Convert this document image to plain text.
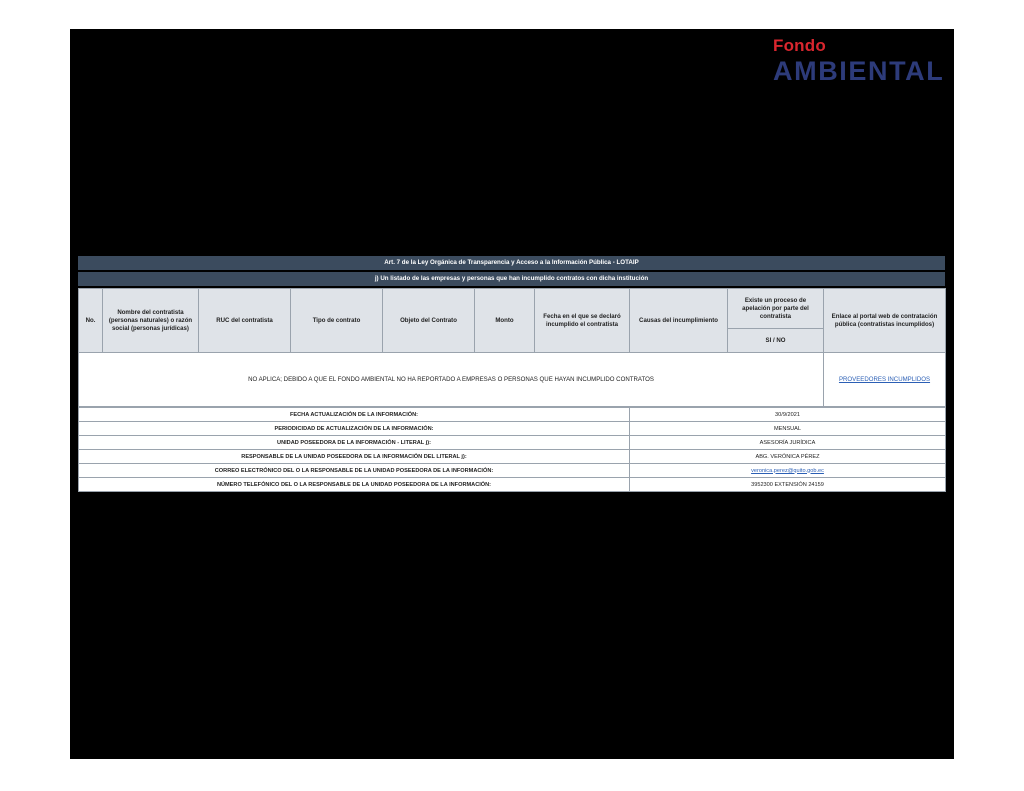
Fondo
AMBIENTAL
Art. 7 de la Ley Orgánica de Transparencia y Acceso a la Información Pública - LOTAIP
j) Un listado de las empresas y personas que han incumplido contratos con dicha institución
No.	Nombre del contratista (personas naturales) o razón social (personas jurídicas)	RUC del contratista	Tipo de contrato	Objeto del Contrato	Monto	Fecha en el que se declaró incumplido el contratista	Causas del incumplimiento	Existe un proceso de apelación por parte del contratista	Enlace al portal web de contratación pública (contratistas incumplidos)
								SI / NO	
NO APLICA; DEBIDO A QUE EL FONDO AMBIENTAL NO HA REPORTADO A EMPRESAS O PERSONAS QUE HAYAN INCUMPLIDO CONTRATOS									PROVEEDORES INCUMPLIDOS
FECHA ACTUALIZACIÓN DE LA INFORMACIÓN:	30/9/2021
PERIODICIDAD DE ACTUALIZACIÓN DE LA INFORMACIÓN:	MENSUAL
UNIDAD POSEEDORA DE LA INFORMACIÓN - LITERAL j):	ASESORÍA JURÍDICA
RESPONSABLE DE LA UNIDAD POSEEDORA DE LA INFORMACIÓN DEL LITERAL j):	ABG. VERÓNICA PÉREZ
CORREO ELECTRÓNICO DEL O LA RESPONSABLE DE LA UNIDAD POSEEDORA DE LA INFORMACIÓN:	veronica.perez@quito.gob.ec
NÚMERO TELEFÓNICO DEL O LA RESPONSABLE DE LA UNIDAD POSEEDORA DE LA INFORMACIÓN:	3952300 EXTENSIÓN 24159
